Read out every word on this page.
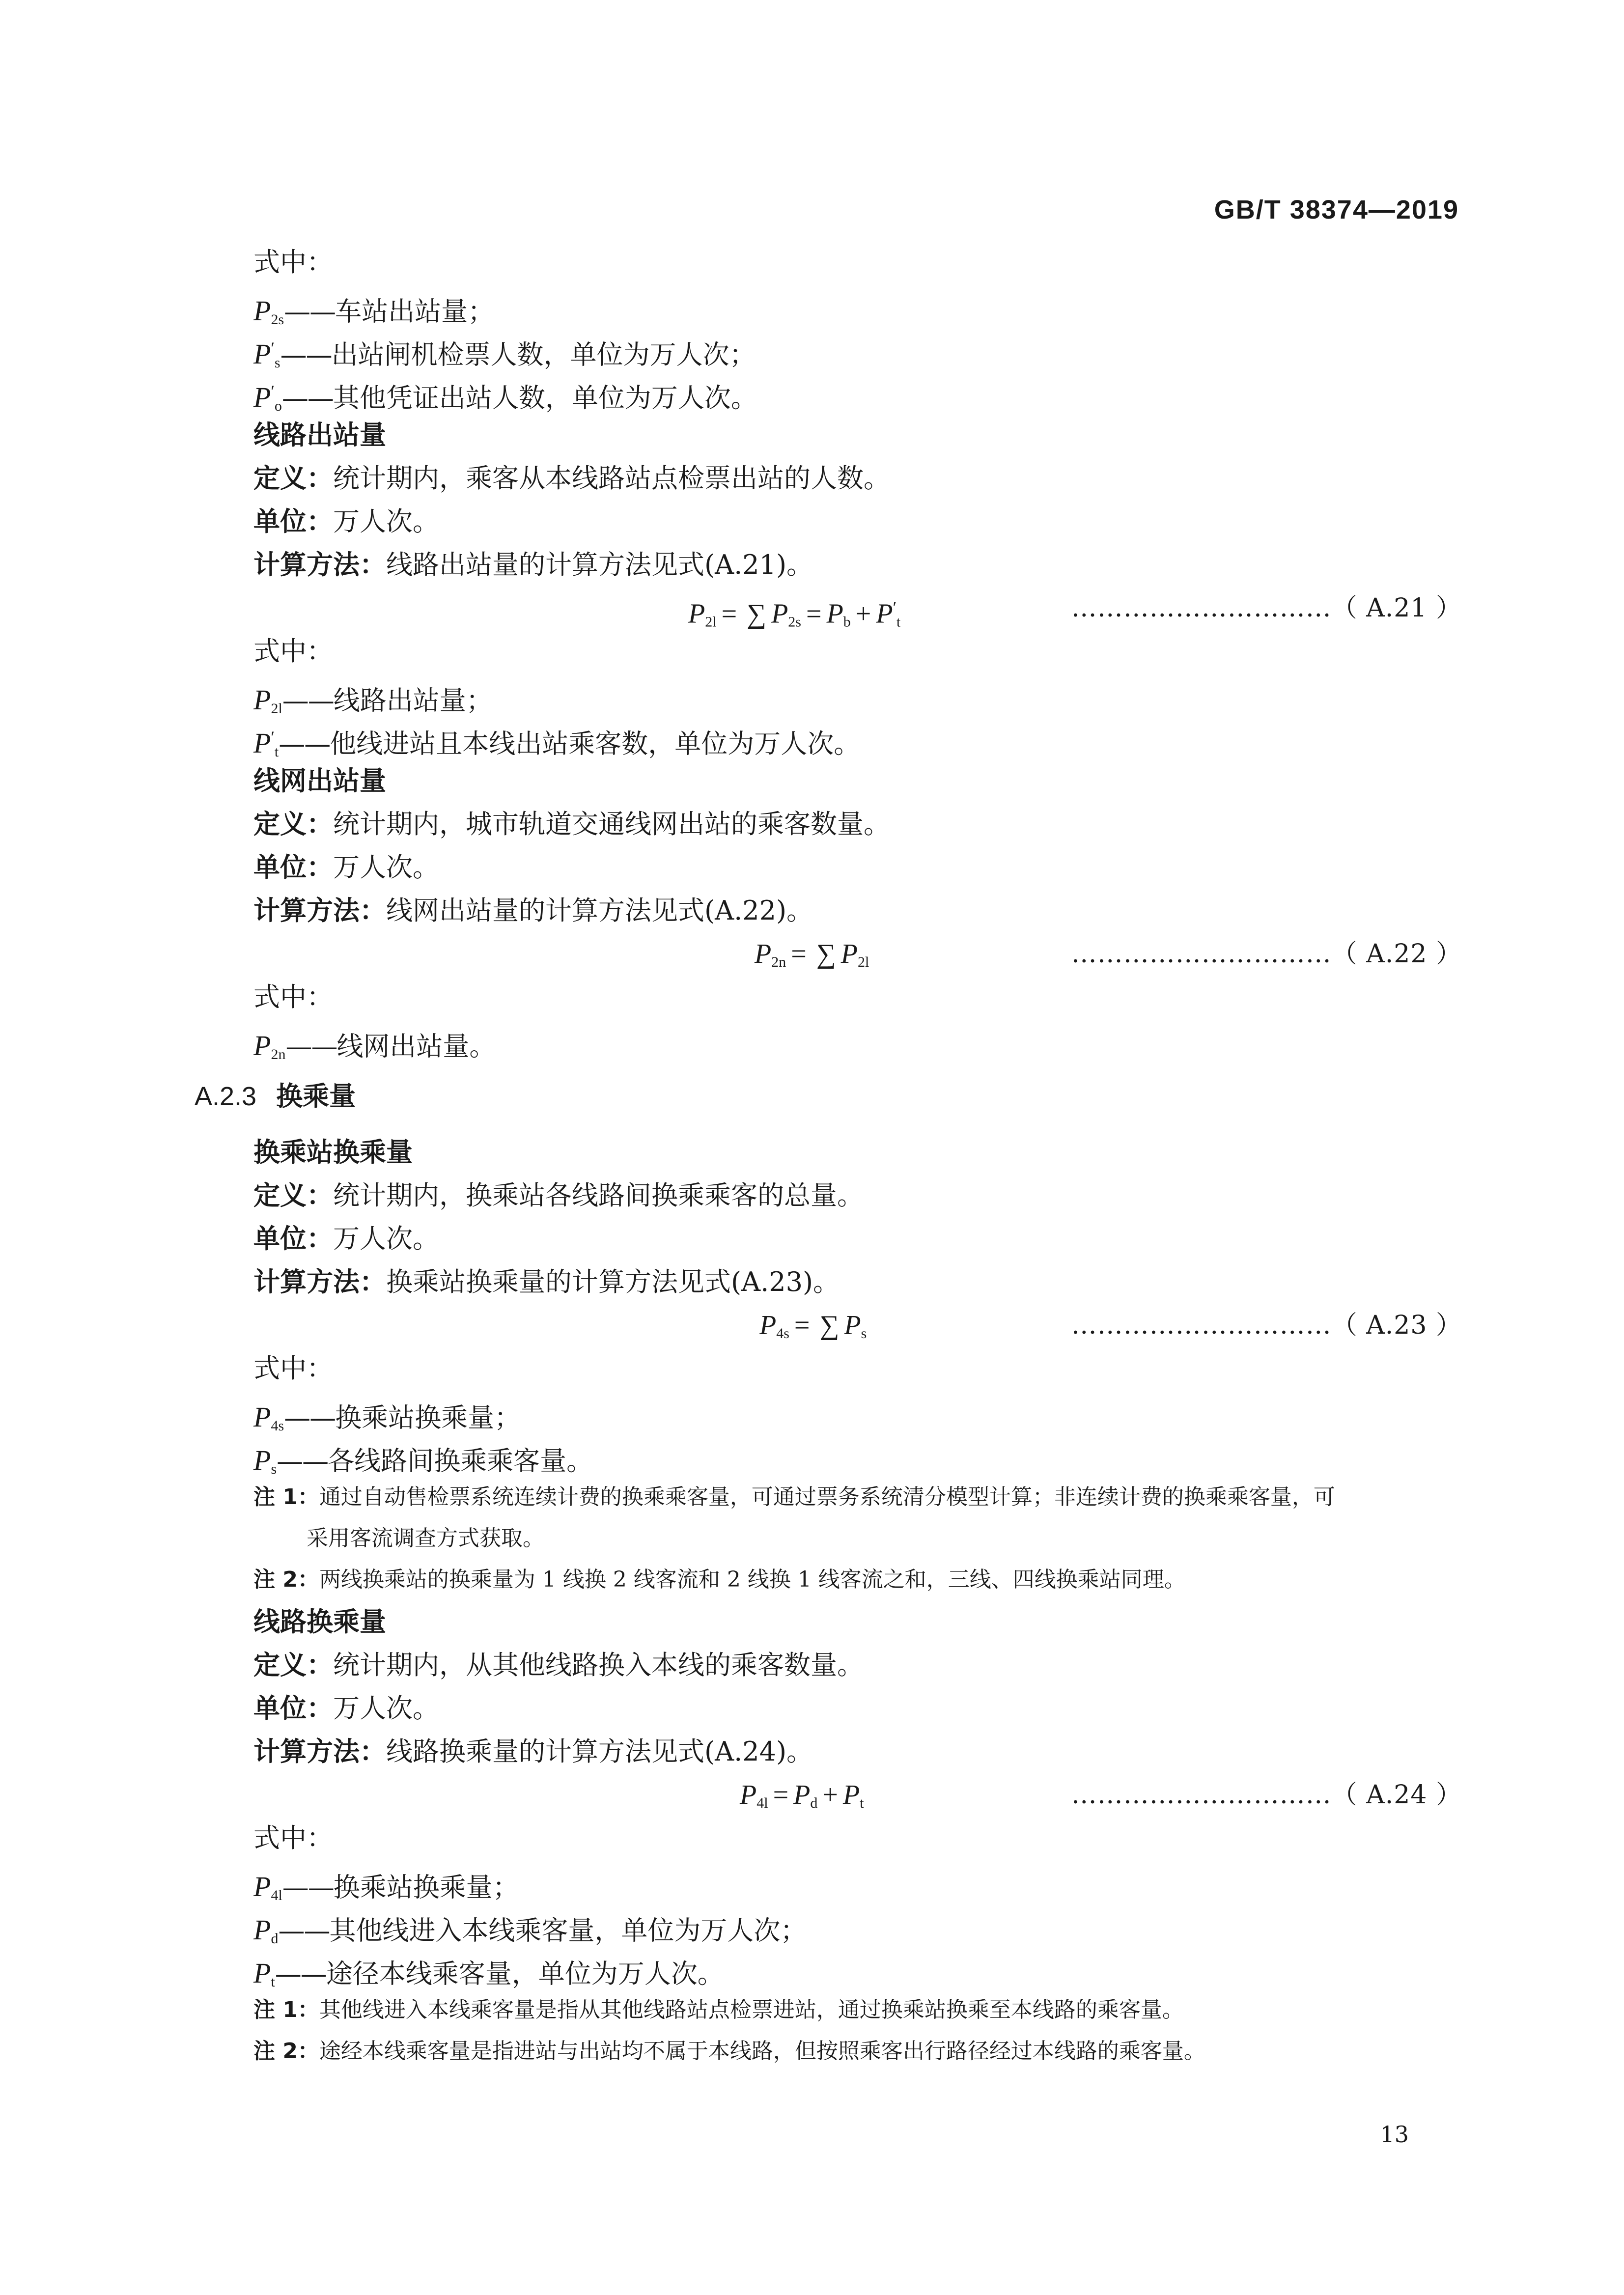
GB/T 38374—2019
式中：
$P_{2s}——$车站出站量；
$P'_s——$出站闸机检票人数，单位为万人次；
$P'_o——$其他凭证出站人数，单位为万人次。
线路出站量
定义：统计期内，乘客从本线路站点检票出站的人数。
单位：万人次。
计算方法：线路出站量的计算方法见式(A.21)。
$P_{2l}$ = ∑ $P_{2s} = P_b + P'_t$	…………………………（ A.21 ）
式中：
$P_{2l}——$线路出站量；
$P'_t——$他线进站且本线出站乘客数，单位为万人次。
线网出站量
定义：统计期内，城市轨道交通线网出站的乘客数量。
单位：万人次。
计算方法：线网出站量的计算方法见式(A.22)。
$P_{2n}$ = ∑ $P_{2l}$	…………………………（ A.22 ）
式中：
$P_{2n}——$线网出站量。
A.2.3 换乘量
换乘站换乘量
定义：统计期内，换乘站各线路间换乘乘客的总量。
单位：万人次。
计算方法：换乘站换乘量的计算方法见式(A.23)。
$P_{4s}$ = ∑ $P_s$	…………………………（ A.23 ）
式中：
$P_{4s}——$换乘站换乘量；
$P_s——$各线路间换乘乘客量。
注 1：通过自动售检票系统连续计费的换乘乘客量，可通过票务系统清分模型计算；非连续计费的换乘乘客量，可
采用客流调查方式获取。
注 2：两线换乘站的换乘量为 1 线换 2 线客流和 2 线换 1 线客流之和，三线、四线换乘站同理。
线路换乘量
定义：统计期内，从其他线路换入本线的乘客数量。
单位：万人次。
计算方法：线路换乘量的计算方法见式(A.24)。
$P_{4l} = P_d + P_t$	…………………………（ A.24 ）
式中：
$P_{4l}——$换乘站换乘量；
$P_d——$其他线进入本线乘客量，单位为万人次；
$P_t——$途径本线乘客量，单位为万人次。
注 1：其他线进入本线乘客量是指从其他线路站点检票进站，通过换乘站换乘至本线路的乘客量。
注 2：途经本线乘客量是指进站与出站均不属于本线路，但按照乘客出行路径经过本线路的乘客量。
13
